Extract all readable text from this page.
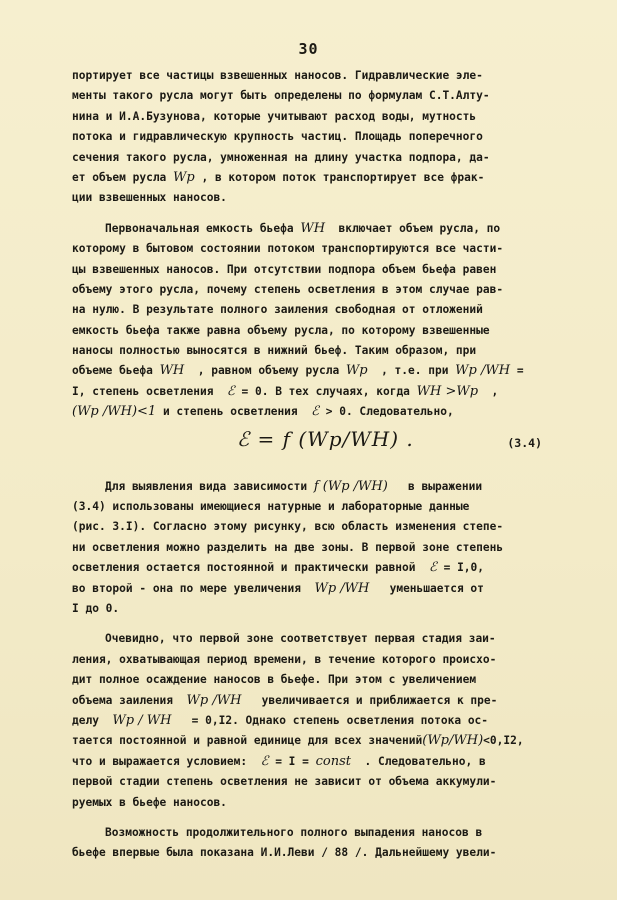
30
портирует все частицы взвешенных наносов. Гидравлические эле-
менты такого русла могут быть определены по формулам С.Т.Алту-
нина и И.А.Бузунова, которые учитывают расход воды, мутность
потока и гидравлическую крупность частиц. Площадь поперечного
сечения такого русла, умноженная на длину участка подпора, да-
ет объем русла Wp , в котором поток транспортирует все фрак-
ции взвешенных наносов.
Первоначальная емкость бьефа WH  включает объем русла, по
которому в бытовом состоянии потоком транспортируются все части-
цы взвешенных наносов. При отсутствии подпора объем бьефа равен
объему этого русла, почему степень осветления в этом случае рав-
на нулю. В результате полного заиления свободная от отложений
емкость бьефа также равна объему русла, по которому взвешенные
наносы полностью выносятся в нижний бьеф. Таким образом, при
объеме бьефа WH  , равном объему русла Wp  , т.е. при Wp /WH =
I, степень осветления  ℰ = 0. В тех случаях, когда WH >Wp  ,
(Wp /WH)<1 и степень осветления  ℰ > 0. Следовательно,
ℰ = f (Wp/WH) .	(3.4)
Для выявления вида зависимости f (Wp /WH)   в выражении
(3.4) использованы имеющиеся натурные и лабораторные данные
(рис. 3.I). Согласно этому рисунку, всю область изменения степе-
ни осветления можно разделить на две зоны. В первой зоне степень
осветления остается постоянной и практически равной  ℰ = I,0,
во второй - она по мере увеличения  Wp /WH   уменьшается от
I до 0.
Очевидно, что первой зоне соответствует первая стадия заи-
ления, охватывающая период времени, в течение которого происхо-
дит полное осаждение наносов в бьефе. При этом с увеличением
объема заиления  Wp /WH   увеличивается и приближается к пре-
делу  Wp / WH   = 0,I2. Однако степень осветления потока ос-
тается постоянной и равной единице для всех значений(Wp/WH)<0,I2,
что и выражается условием:  ℰ = I = const  . Следовательно, в
первой стадии степень осветления не зависит от объема аккумули-
руемых в бьефе наносов.
Возможность продолжительного полного выпадения наносов в
бьефе впервые была показана И.И.Леви / 88 /. Дальнейшему увели-
